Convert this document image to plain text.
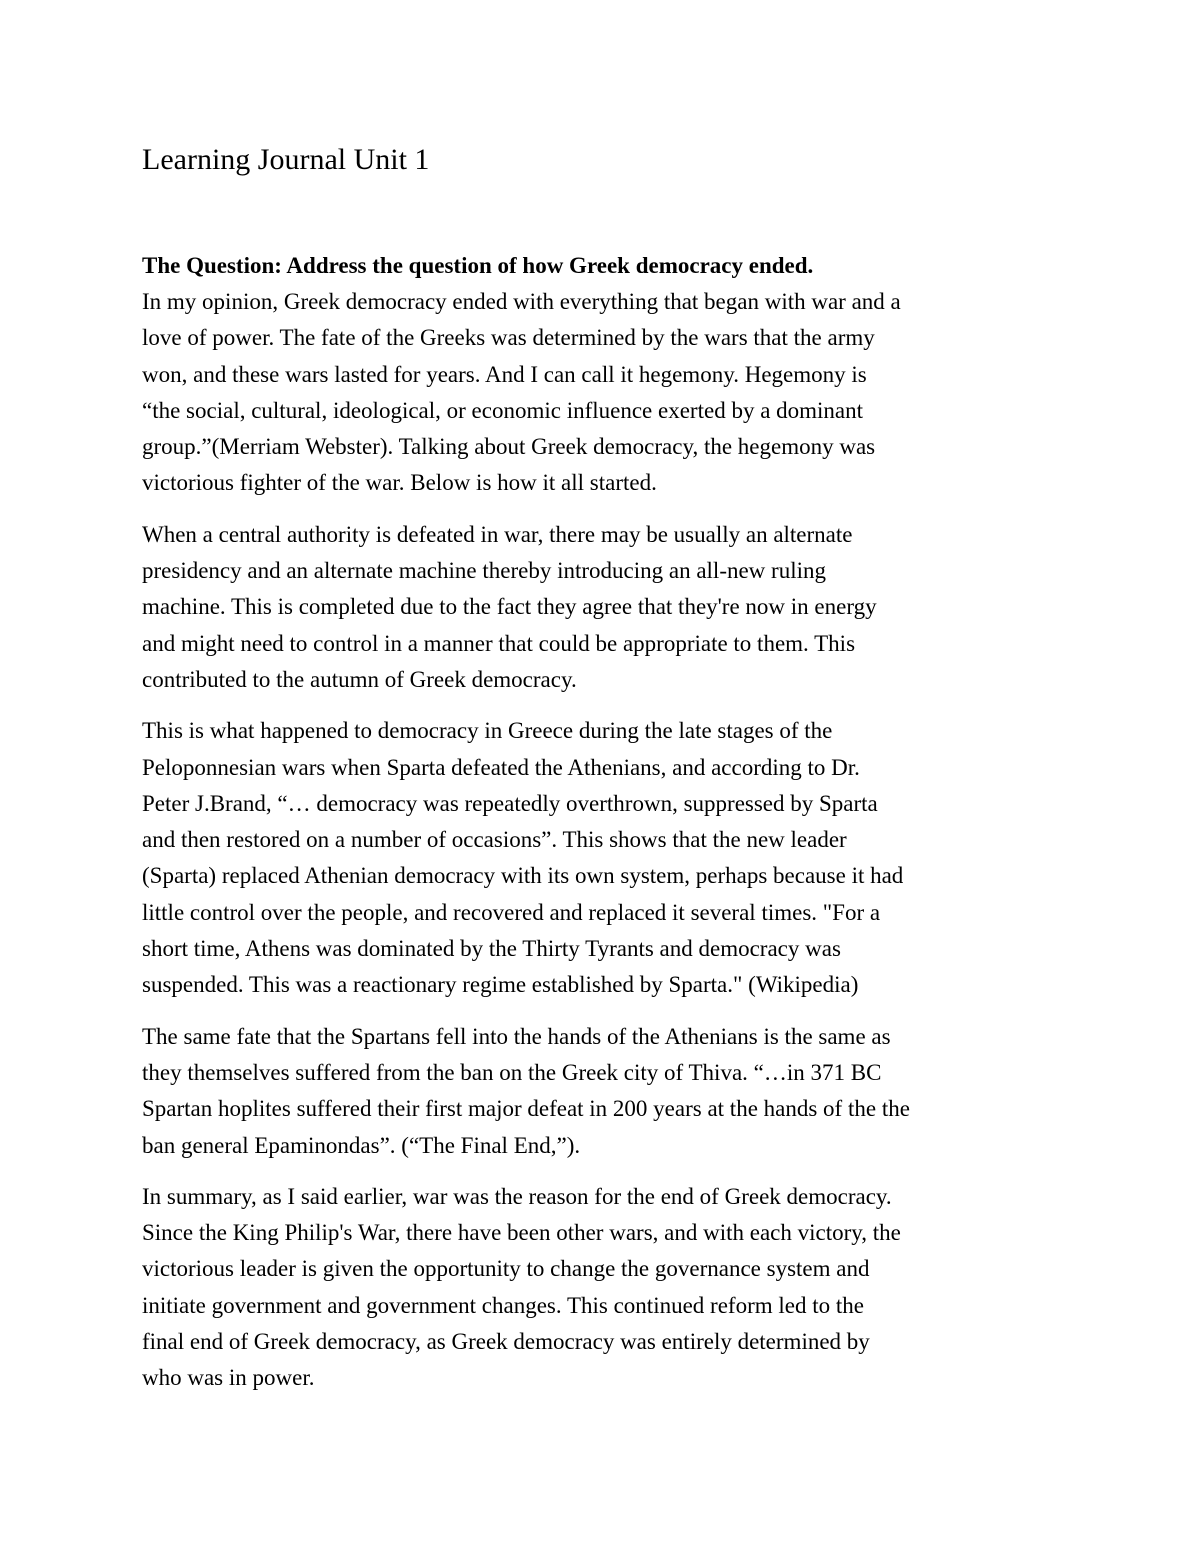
Learning Journal Unit 1

The Question: Address the question of how Greek democracy ended.

In my opinion, Greek democracy ended with everything that began with war and a
love of power. The fate of the Greeks was determined by the wars that the army
won, and these wars lasted for years. And I can call it hegemony. Hegemony is
“the social, cultural, ideological, or economic influence exerted by a dominant
group.”(Merriam Webster). Talking about Greek democracy, the hegemony was
victorious fighter of the war. Below is how it all started.

When a central authority is defeated in war, there may be usually an alternate
presidency and an alternate machine thereby introducing an all-new ruling
machine. This is completed due to the fact they agree that they're now in energy
and might need to control in a manner that could be appropriate to them. This
contributed to the autumn of Greek democracy.

This is what happened to democracy in Greece during the late stages of the
Peloponnesian wars when Sparta defeated the Athenians, and according to Dr.
Peter J.Brand, “… democracy was repeatedly overthrown, suppressed by Sparta
and then restored on a number of occasions”. This shows that the new leader
(Sparta) replaced Athenian democracy with its own system, perhaps because it had
little control over the people, and recovered and replaced it several times. "For a
short time, Athens was dominated by the Thirty Tyrants and democracy was
suspended. This was a reactionary regime established by Sparta." (Wikipedia)

The same fate that the Spartans fell into the hands of the Athenians is the same as
they themselves suffered from the ban on the Greek city of Thiva. “…in 371 BC
Spartan hoplites suffered their first major defeat in 200 years at the hands of the the
ban general Epaminondas”. (“The Final End,”).

In summary, as I said earlier, war was the reason for the end of Greek democracy.
Since the King Philip's War, there have been other wars, and with each victory, the
victorious leader is given the opportunity to change the governance system and
initiate government and government changes. This continued reform led to the
final end of Greek democracy, as Greek democracy was entirely determined by
who was in power.
